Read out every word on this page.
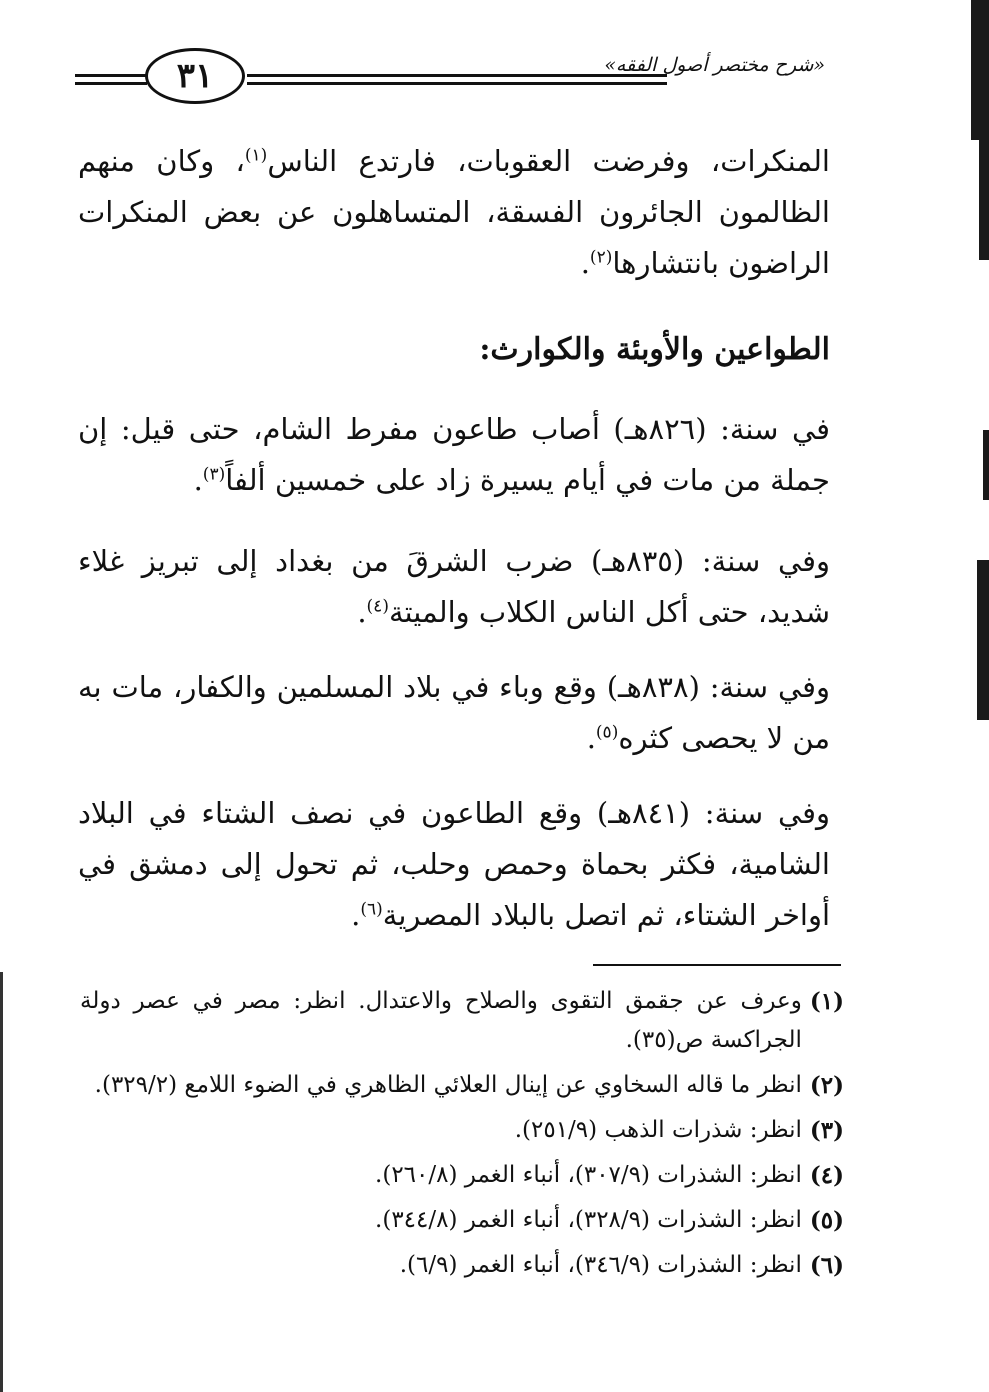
٣١	«شرح مختصر أصول الفقه»

المنكرات، وفرضت العقوبات، فارتدع الناس$^{(١)}$، وكان منهم الظالمون الجائرون الفسقة، المتساهلون عن بعض المنكرات الراضون بانتشارها$^{(٢)}$.

الطواعين والأوبئة والكوارث:

في سنة: (٨٢٦هـ) أصاب طاعون مفرط الشام، حتى قيل: إن جملة من مات في أيام يسيرة زاد على خمسين ألفاً$^{(٣)}$.

وفي سنة: (٨٣٥هـ) ضرب الشرقَ من بغداد إلى تبريز غلاء شديد، حتى أكل الناس الكلاب والميتة$^{(٤)}$.

وفي سنة: (٨٣٨هـ) وقع وباء في بلاد المسلمين والكفار، مات به من لا يحصى كثره$^{(٥)}$.

وفي سنة: (٨٤١هـ) وقع الطاعون في نصف الشتاء في البلاد الشامية، فكثر بحماة وحمص وحلب، ثم تحول إلى دمشق في أواخر الشتاء، ثم اتصل بالبلاد المصرية$^{(٦)}$.

(١)
وعرف عن جقمق التقوى والصلاح والاعتدال. انظر: مصر في عصر دولة الجراكسة ص(٣٥).
(٢)
انظر ما قاله السخاوي عن إينال العلائي الظاهري في الضوء اللامع (٣٢٩/٢).
(٣)
انظر: شذرات الذهب (٢٥١/٩).
(٤)
انظر: الشذرات (٣٠٧/٩)، أنباء الغمر (٢٦٠/٨).
(٥)
انظر: الشذرات (٣٢٨/٩)، أنباء الغمر (٣٤٤/٨).
(٦)
انظر: الشذرات (٣٤٦/٩)، أنباء الغمر (٦/٩).
